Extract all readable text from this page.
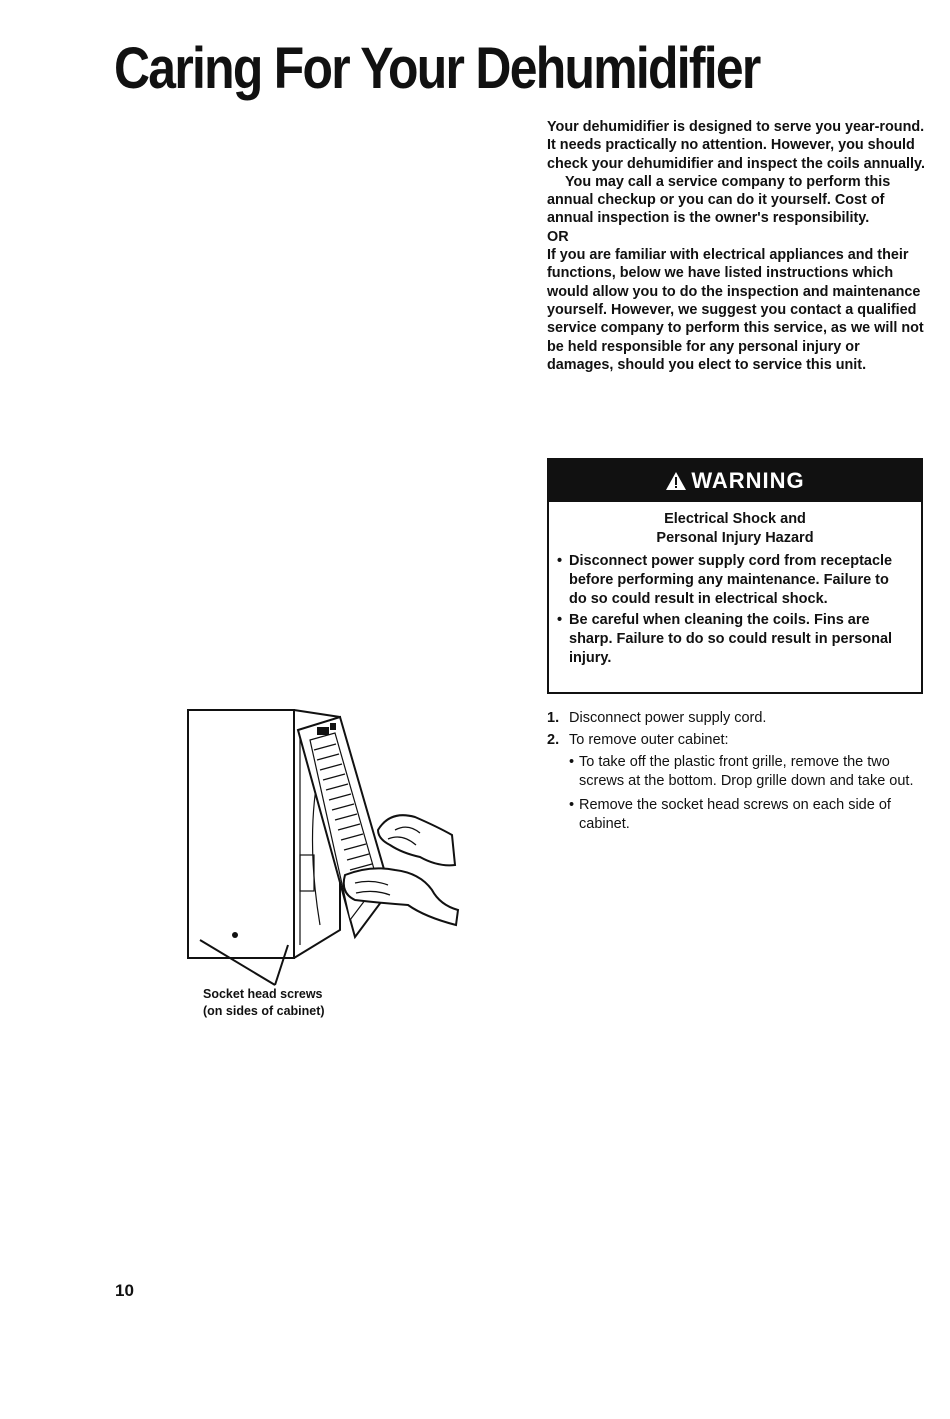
Caring For Your Dehumidifier

Your dehumidifier is designed to serve you year-round. It needs practically no attention. However, you should check your dehumidifier and inspect the coils annually.

You may call a service company to perform this annual checkup or you can do it yourself. Cost of annual inspection is the owner's responsibility.

OR

If you are familiar with electrical appliances and their functions, below we have listed instructions which would allow you to do the inspection and maintenance yourself. However, we suggest you contact a qualified service company to perform this service, as we will not be held responsible for any personal injury or damages, should you elect to service this unit.

WARNING
Electrical Shock and
Personal Injury Hazard
• Disconnect power supply cord from receptacle before performing any maintenance. Failure to do so could result in electrical shock.
• Be careful when cleaning the coils. Fins are sharp. Failure to do so could result in personal injury.
1. Disconnect power supply cord.
2. To remove outer cabinet:
• To take off the plastic front grille, remove the two screws at the bottom. Drop grille down and take out.
• Remove the socket head screws on each side of cabinet.
Socket head screws
(on sides of cabinet)
10
